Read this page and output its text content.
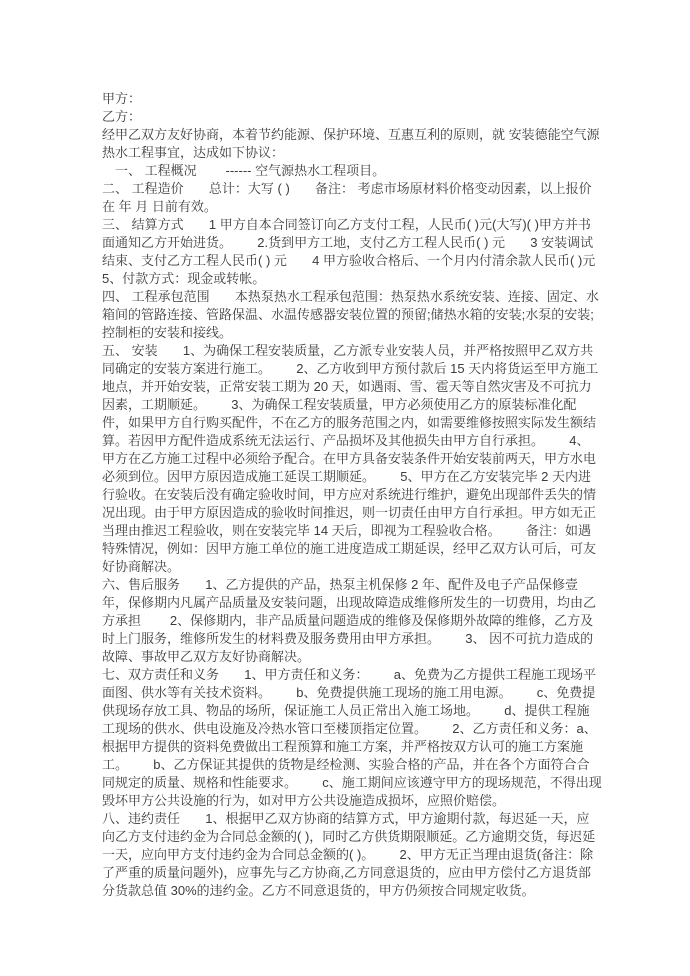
甲方：

乙方：

经甲乙双方友好协商，本着节约能源、保护环境、互惠互利的原则，就 安装德能空气源热水工程事宜，达成如下协议：

一、 工程概况        ------ 空气源热水工程项目。

二、 工程造价       总计：大写 ( )       备注： 考虑市场原材料价格变动因素，以上报价在 年 月 日前有效。

三、 结算方式       1 甲方自本合同签订向乙方支付工程，人民币( )元(大写)( )甲方并书面通知乙方开始进货。       2.货到甲方工地，支付乙方工程人民币( ) 元       3 安装调试结束、支付乙方工程人民币( ) 元       4 甲方验收合格后、一个月内付清余款人民币( )元       5、付款方式：现金或转帐。

四、 工程承包范围       本热泵热水工程承包范围：热泵热水系统安装、连接、固定、水箱间的管路连接、管路保温、水温传感器安装位置的预留;储热水箱的安装;水泵的安装;控制柜的安装和接线。

五、 安装       1、为确保工程安装质量，乙方派专业安装人员，并严格按照甲乙双方共同确定的安装方案进行施工。       2、乙方收到甲方预付款后 15 天内将货运至甲方施工地点，并开始安装，正常安装工期为 20 天，如遇雨、雪、雹天等自然灾害及不可抗力因素，工期顺延。       3、为确保工程安装质量，甲方必须使用乙方的原装标准化配件，如果甲方自行购买配件，不在乙方的服务范围之内，如需要维修按照实际发生额结算。若因甲方配件造成系统无法运行、产品损坏及其他损失由甲方自行承担。       4、甲方在乙方施工过程中必须给予配合。在甲方具备安装条件开始安装前两天，甲方水电必须到位。因甲方原因造成施工延误工期顺延。       5、甲方在乙方安装完毕 2 天内进行验收。在安装后没有确定验收时间，甲方应对系统进行维护，避免出现部件丢失的情况出现。由于甲方原因造成的验收时间推迟，则一切责任由甲方自行承担。甲方如无正当理由推迟工程验收，则在安装完毕 14 天后，即视为工程验收合格。       备注：如遇特殊情况，例如：因甲方施工单位的施工进度造成工期延误，经甲乙双方认可后，可友好协商解决。

六、售后服务       1、乙方提供的产品，热泵主机保修 2 年、配件及电子产品保修壹年，保修期内凡属产品质量及安装问题，出现故障造成维修所发生的一切费用，均由乙方承担        2、保修期内，非产品质量问题造成的维修及保修期外故障的维修，乙方及时上门服务，维修所发生的材料费及服务费用由甲方承担。       3、 因不可抗力造成的故障、事故甲乙双方友好协商解决。

七、双方责任和义务       1、甲方责任和义务：       a、免费为乙方提供工程施工现场平面图、供水等有关技术资料。       b、免费提供施工现场的施工用电源。       c、免费提供现场存放工具、物品的场所，保证施工人员正常出入施工场地。       d、提供工程施工现场的供水、供电设施及冷热水管口至楼顶指定位置。       2、乙方责任和义务：a、根据甲方提供的资料免费做出工程预算和施工方案，并严格按双方认可的施工方案施工。       b、乙方保证其提供的货物是经检测、实验合格的产品，并在各个方面符合合同规定的质量、规格和性能要求。       c、施工期间应该遵守甲方的现场规范，不得出现毁坏甲方公共设施的行为，如对甲方公共设施造成损坏，应照价赔偿。

八、违约责任       1、根据甲乙双方协商的结算方式，甲方逾期付款，每迟延一天，应向乙方支付违约金为合同总金额的( )，同时乙方供货期限顺延。乙方逾期交货，每迟延一天，应向甲方支付违约金为合同总金额的( )。       2、甲方无正当理由退货(备注：除了严重的质量问题外)，应事先与乙方协商,乙方同意退货的，应由甲方偿付乙方退货部分货款总值 30%的违约金。乙方不同意退货的，甲方仍须按合同规定收货。
